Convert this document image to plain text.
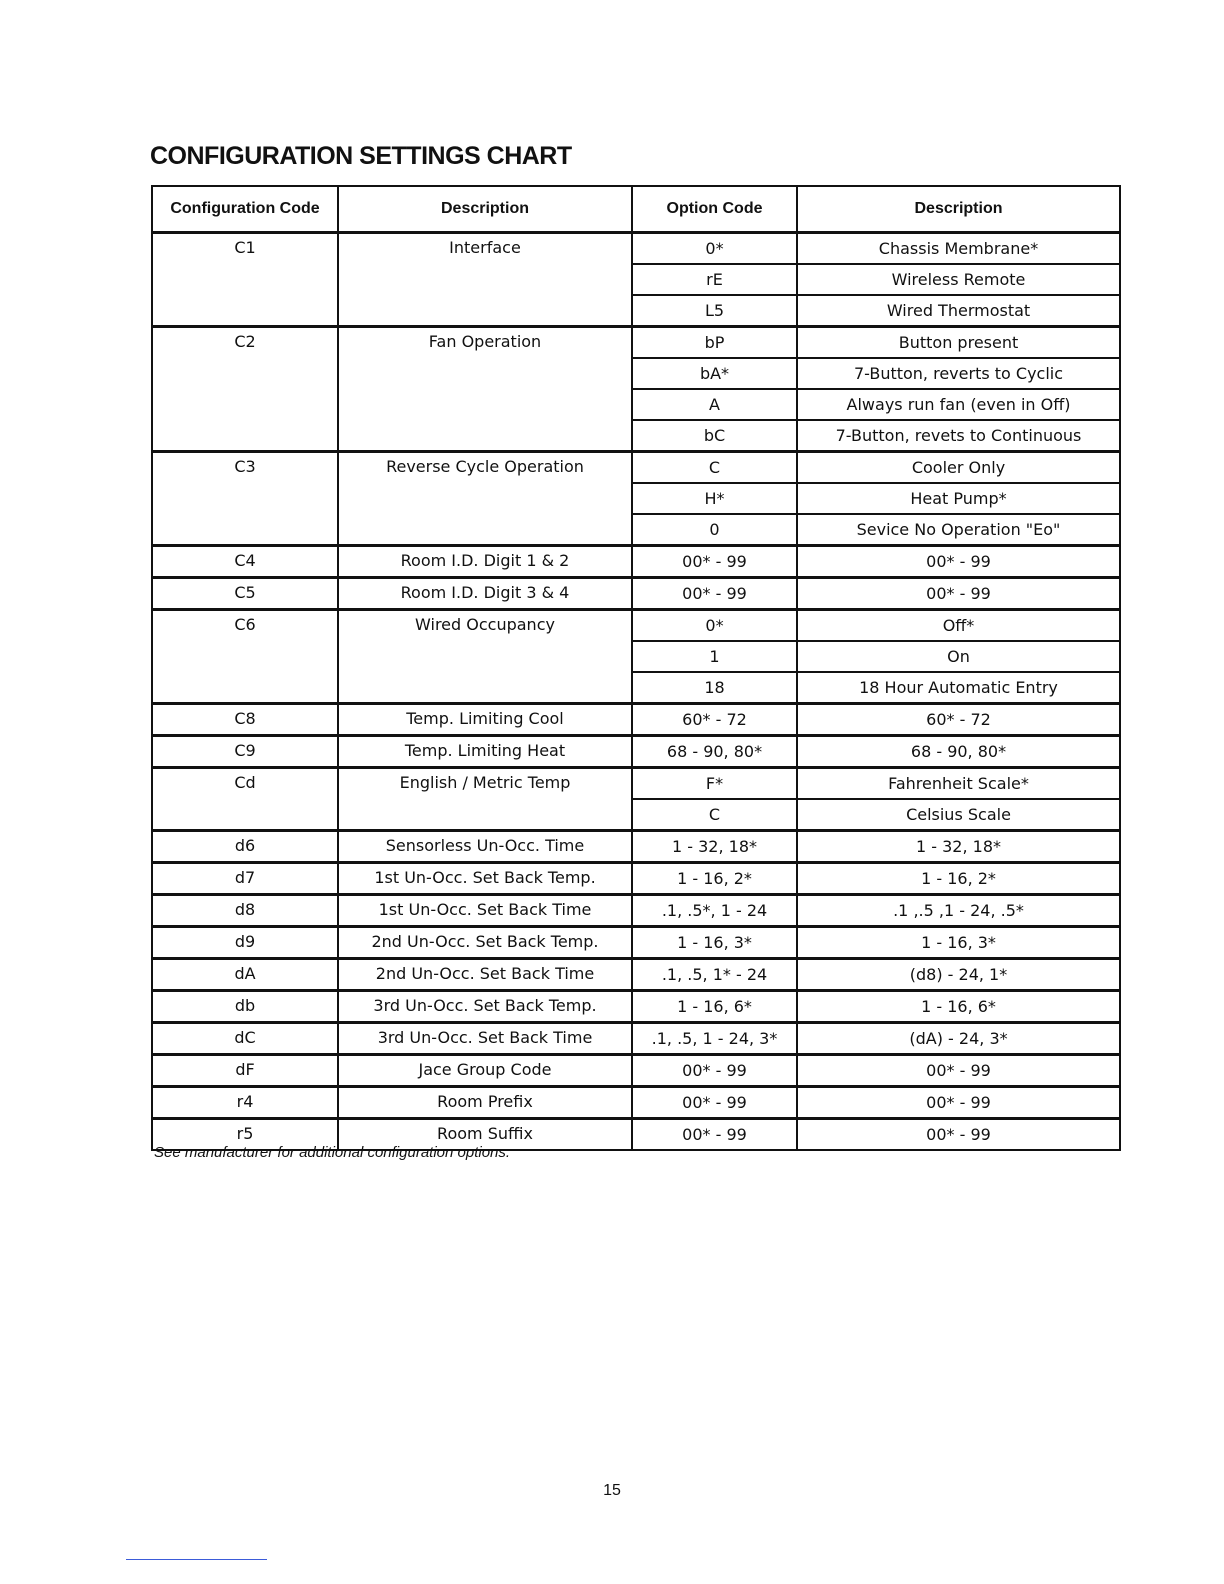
CONFIGURATION SETTINGS CHART
Configuration Code	Description	Option Code	Description
C1	Interface	0*	Chassis Membrane*
		rE	Wireless Remote
		L5	Wired Thermostat
C2	Fan Operation	bP	Button present
		bA*	7-Button, reverts to Cyclic
		A	Always run fan (even in Off)
		bC	7-Button, revets to Continuous
C3	Reverse Cycle Operation	C	Cooler Only
		H*	Heat Pump*
		0	Sevice No Operation "Eo"
C4	Room I.D. Digit 1 & 2	00* - 99	00* - 99
C5	Room I.D. Digit 3 & 4	00* - 99	00* - 99
C6	Wired Occupancy	0*	Off*
		1	On
		18	18 Hour Automatic Entry
C8	Temp. Limiting Cool	60* - 72	60* - 72
C9	Temp. Limiting Heat	68 - 90, 80*	68 - 90, 80*
Cd	English / Metric Temp	F*	Fahrenheit Scale*
		C	Celsius Scale
d6	Sensorless Un-Occ. Time	1 - 32, 18*	1 - 32, 18*
d7	1st Un-Occ. Set Back Temp.	1 - 16, 2*	1 - 16, 2*
d8	1st Un-Occ. Set Back Time	.1, .5*, 1 - 24	.1 ,.5 ,1 - 24, .5*
d9	2nd Un-Occ. Set Back Temp.	1 - 16, 3*	1 - 16, 3*
dA	2nd Un-Occ. Set Back Time	.1, .5, 1* - 24	(d8) - 24, 1*
db	3rd Un-Occ. Set Back Temp.	1 - 16, 6*	1 - 16, 6*
dC	3rd Un-Occ. Set Back Time	.1, .5, 1 - 24, 3*	(dA) - 24, 3*
dF	Jace Group Code	00* - 99	00* - 99
r4	Room Prefix	00* - 99	00* - 99
r5	Room Suffix	00* - 99	00* - 99

See manufacturer for additional configuration options.

15
